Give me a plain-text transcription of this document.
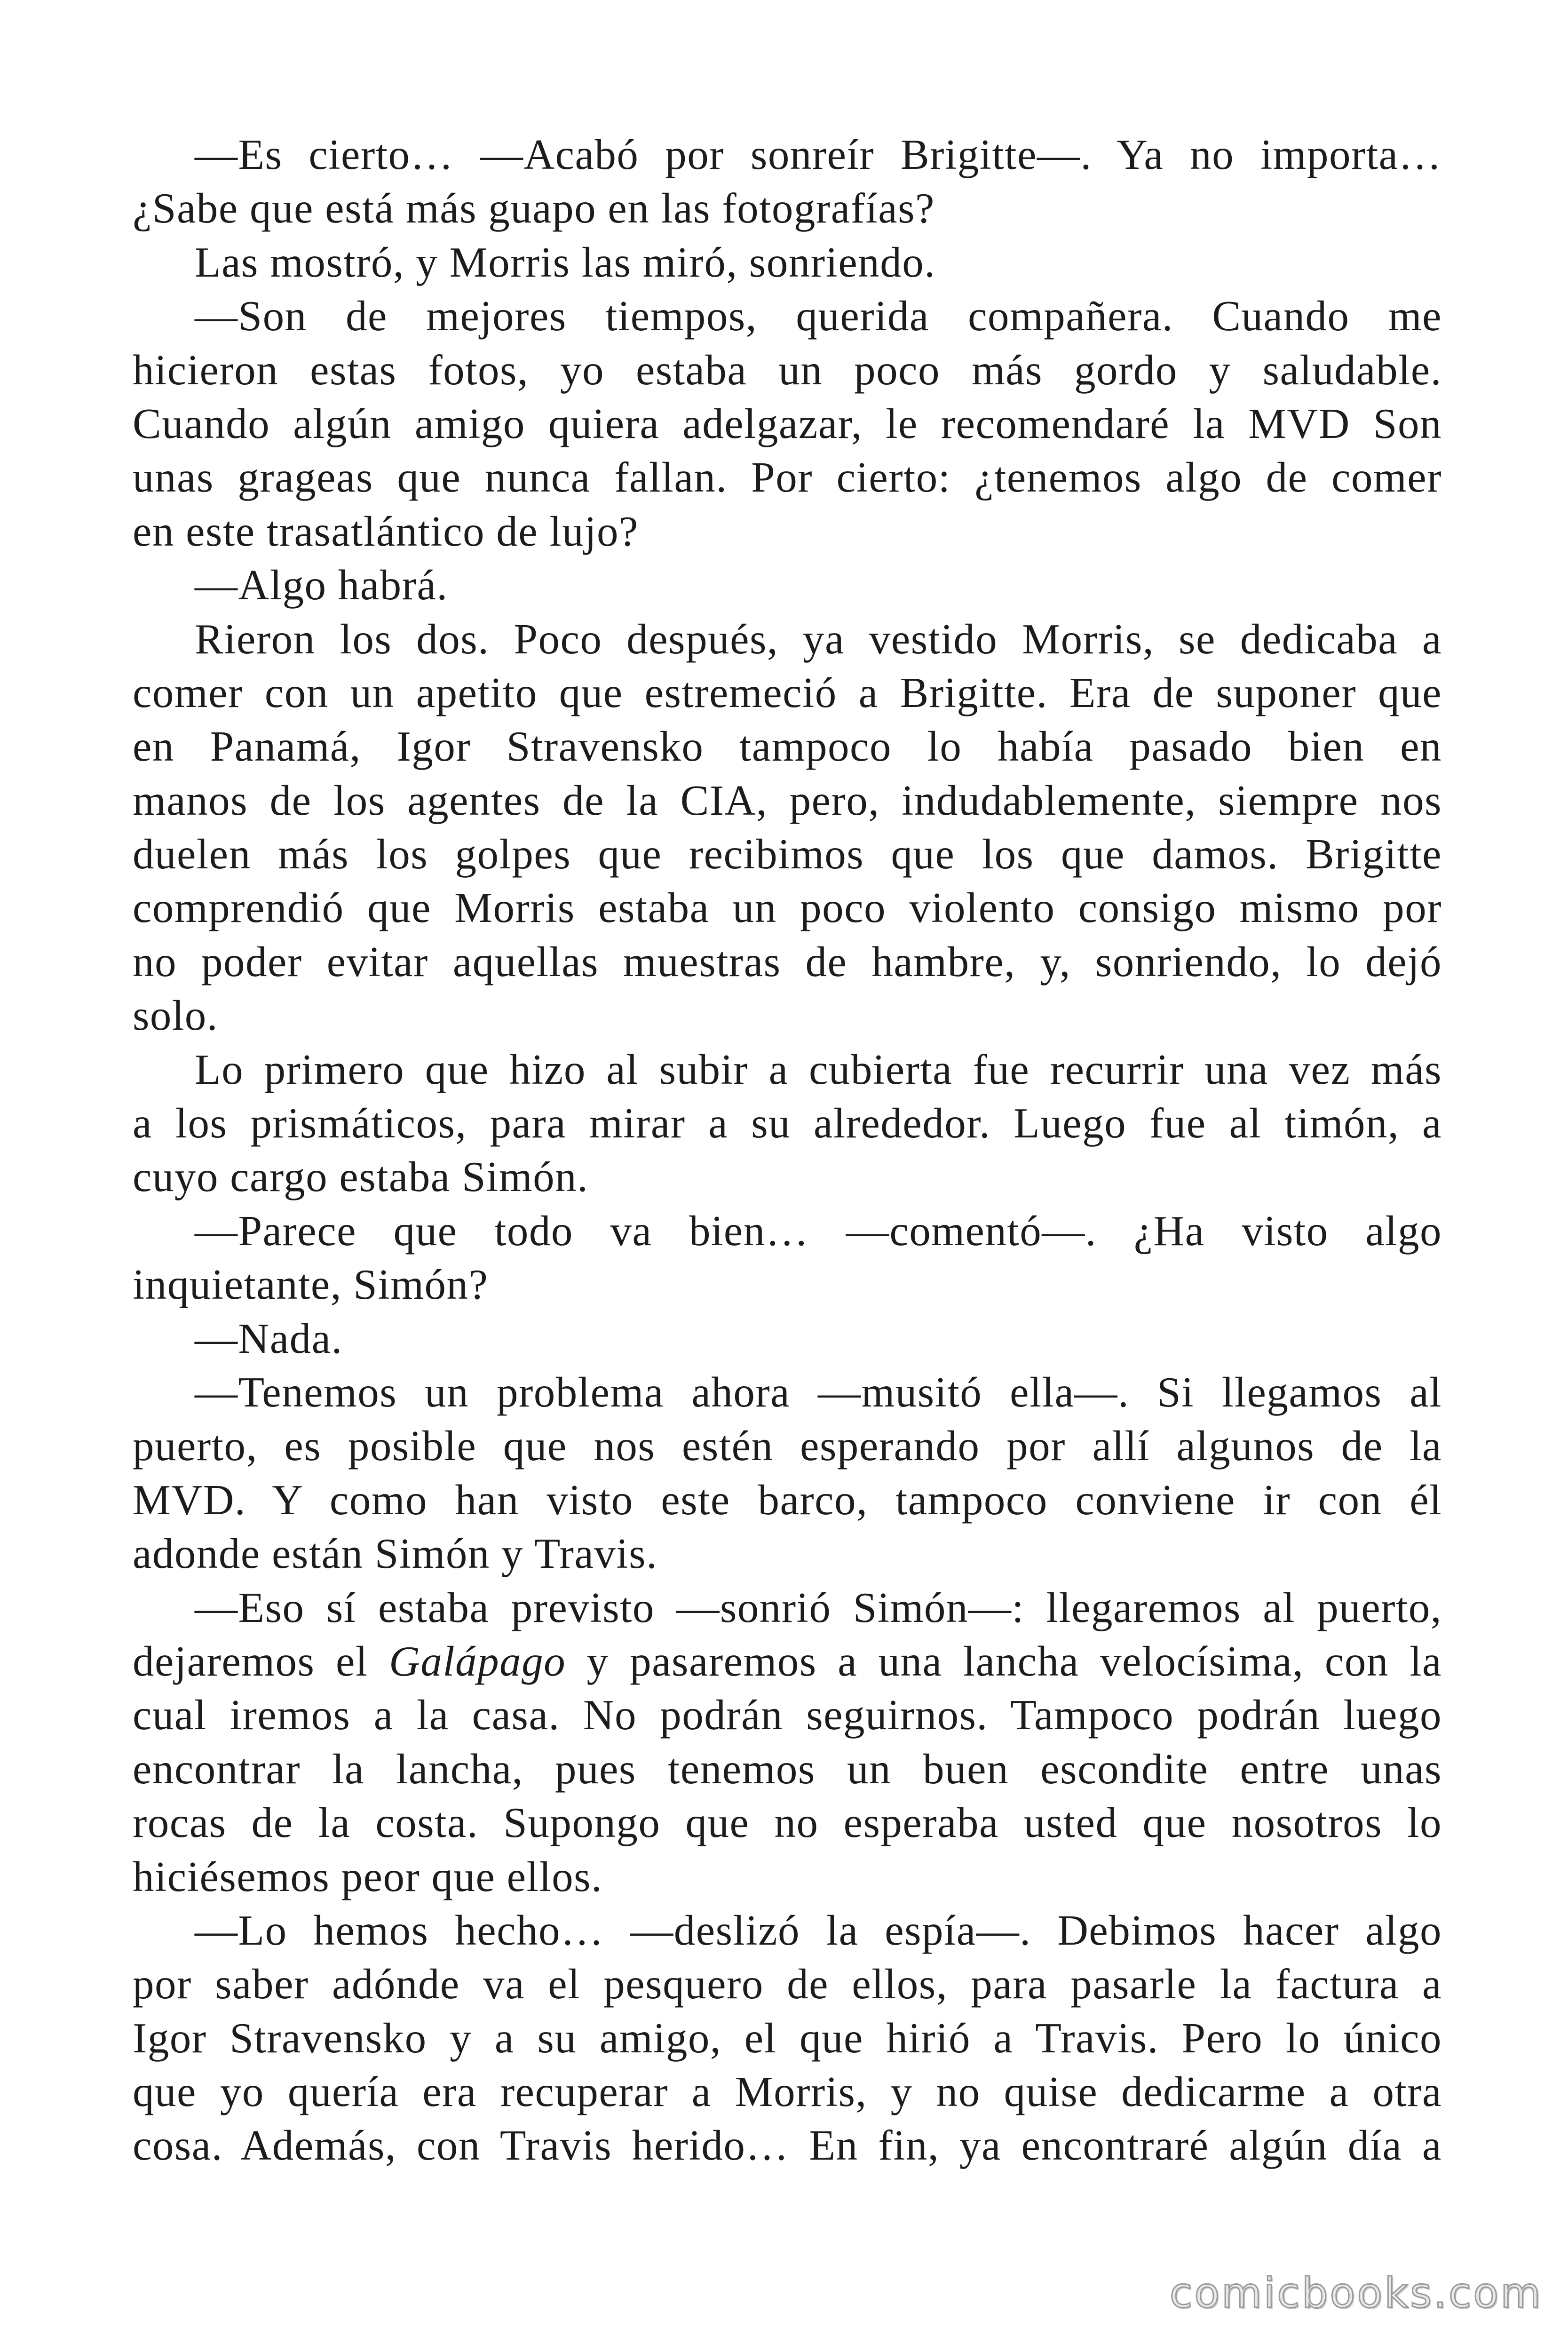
—Es cierto… —Acabó por sonreír Brigitte—. Ya no importa…
¿Sabe que está más guapo en las fotografías?
Las mostró, y Morris las miró, sonriendo.
—Son de mejores tiempos, querida compañera. Cuando me
hicieron estas fotos, yo estaba un poco más gordo y saludable.
Cuando algún amigo quiera adelgazar, le recomendaré la MVD Son
unas grageas que nunca fallan. Por cierto: ¿tenemos algo de comer
en este trasatlántico de lujo?
—Algo habrá.
Rieron los dos. Poco después, ya vestido Morris, se dedicaba a
comer con un apetito que estremeció a Brigitte. Era de suponer que
en Panamá, Igor Stravensko tampoco lo había pasado bien en
manos de los agentes de la CIA, pero, indudablemente, siempre nos
duelen más los golpes que recibimos que los que damos. Brigitte
comprendió que Morris estaba un poco violento consigo mismo por
no poder evitar aquellas muestras de hambre, y, sonriendo, lo dejó
solo.
Lo primero que hizo al subir a cubierta fue recurrir una vez más
a los prismáticos, para mirar a su alrededor. Luego fue al timón, a
cuyo cargo estaba Simón.
—Parece que todo va bien… —comentó—. ¿Ha visto algo
inquietante, Simón?
—Nada.
—Tenemos un problema ahora —musitó ella—. Si llegamos al
puerto, es posible que nos estén esperando por allí algunos de la
MVD. Y como han visto este barco, tampoco conviene ir con él
adonde están Simón y Travis.
—Eso sí estaba previsto —sonrió Simón—: llegaremos al puerto,
dejaremos el Galápago y pasaremos a una lancha velocísima, con la
cual iremos a la casa. No podrán seguirnos. Tampoco podrán luego
encontrar la lancha, pues tenemos un buen escondite entre unas
rocas de la costa. Supongo que no esperaba usted que nosotros lo
hiciésemos peor que ellos.
—Lo hemos hecho… —deslizó la espía—. Debimos hacer algo
por saber adónde va el pesquero de ellos, para pasarle la factura a
Igor Stravensko y a su amigo, el que hirió a Travis. Pero lo único
que yo quería era recuperar a Morris, y no quise dedicarme a otra
cosa. Además, con Travis herido… En fin, ya encontraré algún día a
comicbooks.com
